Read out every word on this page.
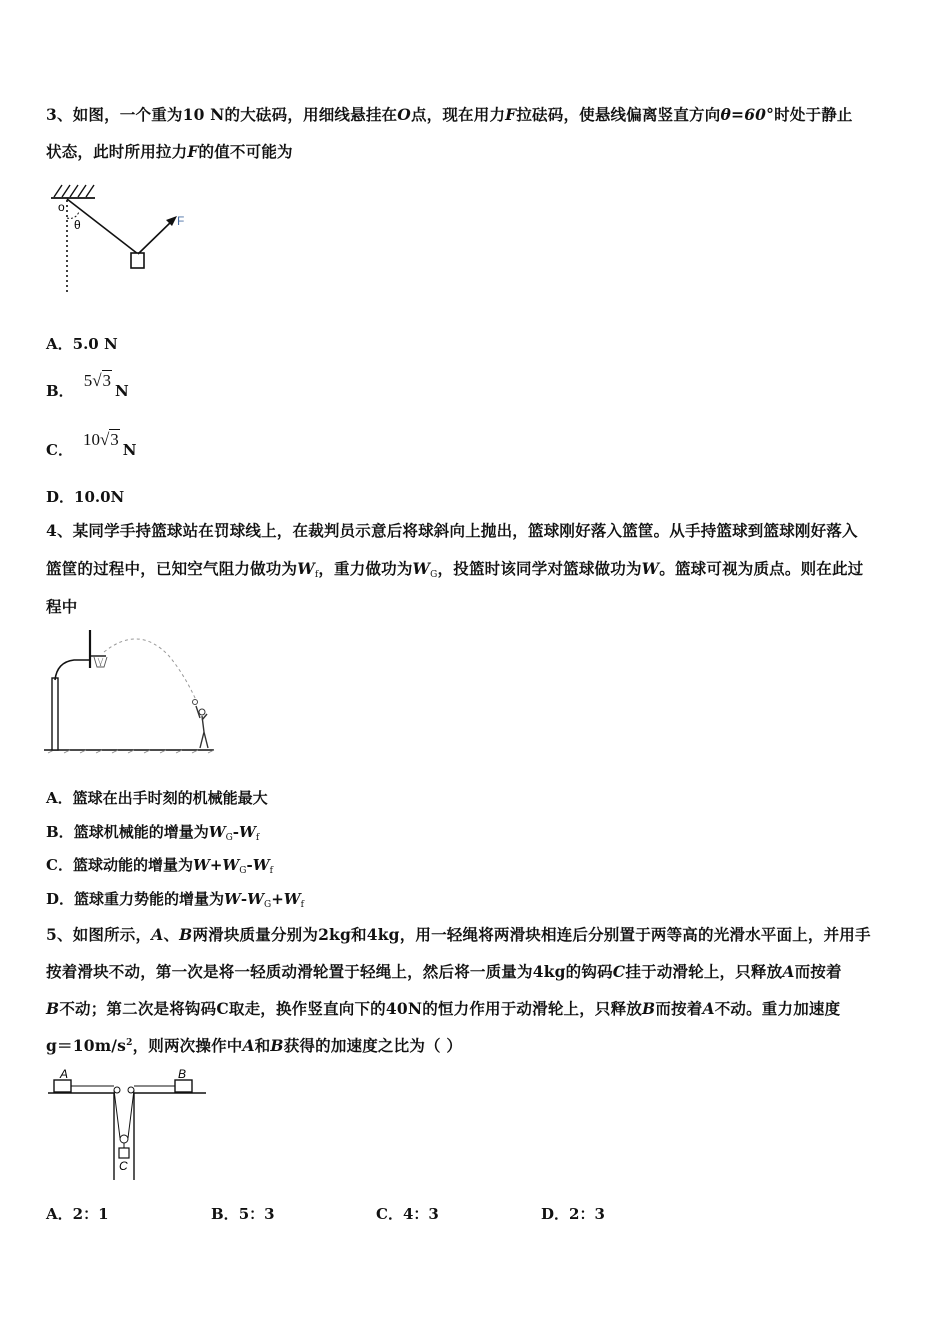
3、如图，一个重为10 N的大砝码，用细线悬挂在O点，现在用力F拉砝码，使悬线偏离竖直方向θ=60°时处于静止
状态，此时所用拉力F的值不可能为
o
θ	F
A．5.0 N
B．5√3N
C．10√3N
D．10.0N
4、某同学手持篮球站在罚球线上，在裁判员示意后将球斜向上抛出，篮球刚好落入篮筐。从手持篮球到篮球刚好落入
篮筐的过程中，已知空气阻力做功为$W_f$，重力做功为$W_G$，投篮时该同学对篮球做功为W。篮球可视为质点。则在此过
程中
A．篮球在出手时刻的机械能最大
B．篮球机械能的增量为$W_G-W_f$
C．篮球动能的增量为$W+W_G-W_f$
D．篮球重力势能的增量为$W-W_G+W_f$
5、如图所示，A、B两滑块质量分别为2kg和4kg，用一轻绳将两滑块相连后分别置于两等高的光滑水平面上，并用手
按着滑块不动，第一次是将一轻质动滑轮置于轻绳上，然后将一质量为4kg的钩码C挂于动滑轮上，只释放A而按着
B不动；第二次是将钩码C取走，换作竖直向下的40N的恒力作用于动滑轮上，只释放B而按着A不动。重力加速度
$g=10m/s^2$，则两次操作中A和B获得的加速度之比为（ ）
A	B
C
A．2：1	B．5：3	C．4：3	D．2：3
